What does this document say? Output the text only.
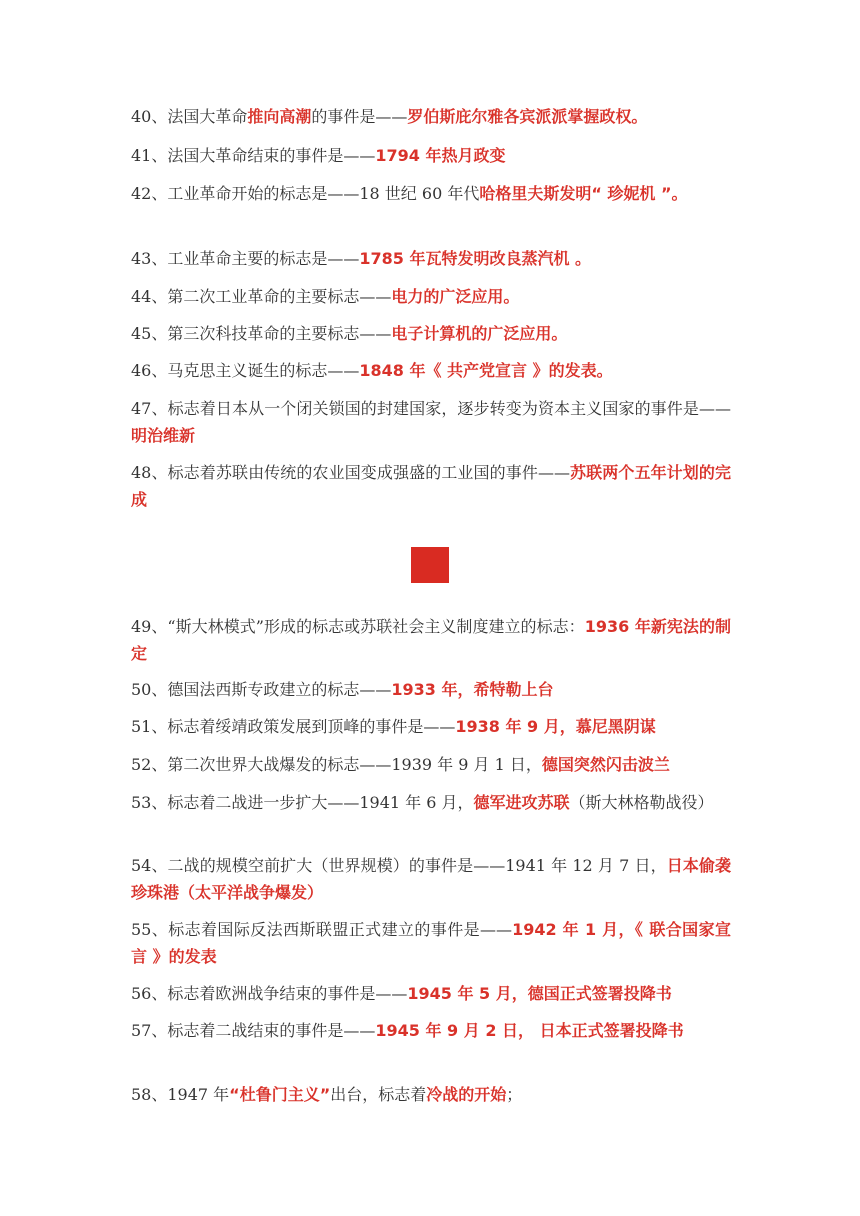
40、法国大革命推向高潮的事件是——罗伯斯庇尔雅各宾派派掌握政权。

41、法国大革命结束的事件是——1794 年热月政变

42、工业革命开始的标志是——18 世纪 60 年代哈格里夫斯发明“ 珍妮机 ”。

43、工业革命主要的标志是——1785 年瓦特发明改良蒸汽机 。

44、第二次工业革命的主要标志——电力的广泛应用。

45、第三次科技革命的主要标志——电子计算机的广泛应用。

46、马克思主义诞生的标志——1848 年《 共产党宣言 》的发表。

47、标志着日本从一个闭关锁国的封建国家，逐步转变为资本主义国家的事件是——明治维新

48、标志着苏联由传统的农业国变成强盛的工业国的事件——苏联两个五年计划的完成

49、“斯大林模式”形成的标志或苏联社会主义制度建立的标志：1936 年新宪法的制定

50、德国法西斯专政建立的标志——1933 年，希特勒上台

51、标志着绥靖政策发展到顶峰的事件是——1938 年 9 月，慕尼黑阴谋

52、第二次世界大战爆发的标志——1939 年 9 月 1 日，德国突然闪击波兰

53、标志着二战进一步扩大——1941 年 6 月，德军进攻苏联（斯大林格勒战役）

54、二战的规模空前扩大（世界规模）的事件是——1941 年 12 月 7 日，日本偷袭珍珠港（太平洋战争爆发）

55、标志着国际反法西斯联盟正式建立的事件是——1942 年 1 月，《 联合国家宣言 》的发表

56、标志着欧洲战争结束的事件是——1945 年 5 月，德国正式签署投降书

57、标志着二战结束的事件是——1945 年 9 月 2 日， 日本正式签署投降书

58、1947 年“杜鲁门主义”出台，标志着冷战的开始；
